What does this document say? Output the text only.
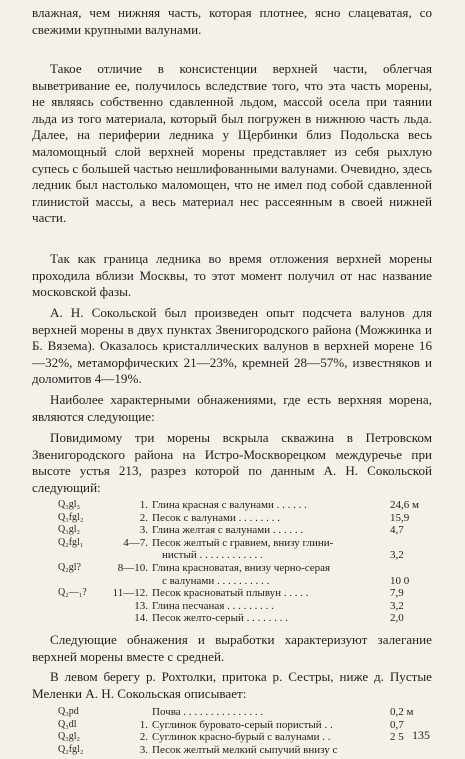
влажная, чем нижняя часть, которая плотнее, ясно слацеватая, со свежими крупными валунами.

Такое отличие в консистенции верхней части, облегчая выветривание ее, получилось вследствие того, что эта часть морены, не являясь собственно сдавленной льдом, массой осела при таянии льда из того материала, который был погружен в нижнюю часть льда. Далее, на периферии ледника у Щербинки близ Подольска весь маломощный слой верхней морены представляет из себя рыхлую супесь с большей частью нешлифованными валунами. Очевидно, здесь ледник был настолько маломощен, что не имел под собой сдавленной глинистой массы, а весь материал нес рассеянным в своей нижней части.

Так как граница ледника во время отложения верхней морены проходила вблизи Москвы, то этот момент получил от нас название московской фазы.

А. Н. Сокольской был произведен опыт подсчета валунов для верхней морены в двух пунктах Звенигородского района (Можжинка и Б. Вязема). Оказалось кристаллических валунов в верхней морене 16—32%, метаморфических 21—23%, кремней 28—57%, известняков и доломитов 4—19%.

Наиболее характерными обнажениями, где есть верхняя морена, являются следующие:

Повидимому три морены вскрыла скважина в Петровском Звенигородского района на Истро-Москворецком междуречье при высоте устья 213, разрез которой по данным А. Н. Сокольской следующий:

Q₃gl₃	1. Глина красная с валунами . . . . . .	24,6 м
Q₃fgl₂	2. Песок с валунами . . . . . . . .	15,9
Q₃gl₂	3. Глина желтая с валунами . . . . . .	4,7
Q₂fgl₁	4—7. Песок желтый с гравием, внизу глини-
нистый . . . . . . . . . . . .	3,2
Q₂gl?	8—10. Глина красноватая, внизу черно-серая
с валунами . . . . . . . . . .	10 0
Q₂—₁?	11—12. Песок красноватый плывун . . . . .	7,9
13. Глина песчаная . . . . . . . . .	3,2
14. Песок желто-серый . . . . . . . .	2,0

Следующие обнажения и выработки характеризуют залегание верхней морены вместе с средней.

В левом берегу р. Рохтолки, притока р. Сестры, ниже д. Пустые Меленки А. Н. Сокольская описывает:

Q₃pd	Почва . . . . . . . . . . . . . . .	0,2 м
Q₃dl	1. Суглинок буровато-серый пористый . .	0,7
Q₃gl₂	2. Суглинок красно-бурый с валунами . .	2 5
Q₂fgl₂	3. Песок желтый мелкий сыпучий внизу с
135
